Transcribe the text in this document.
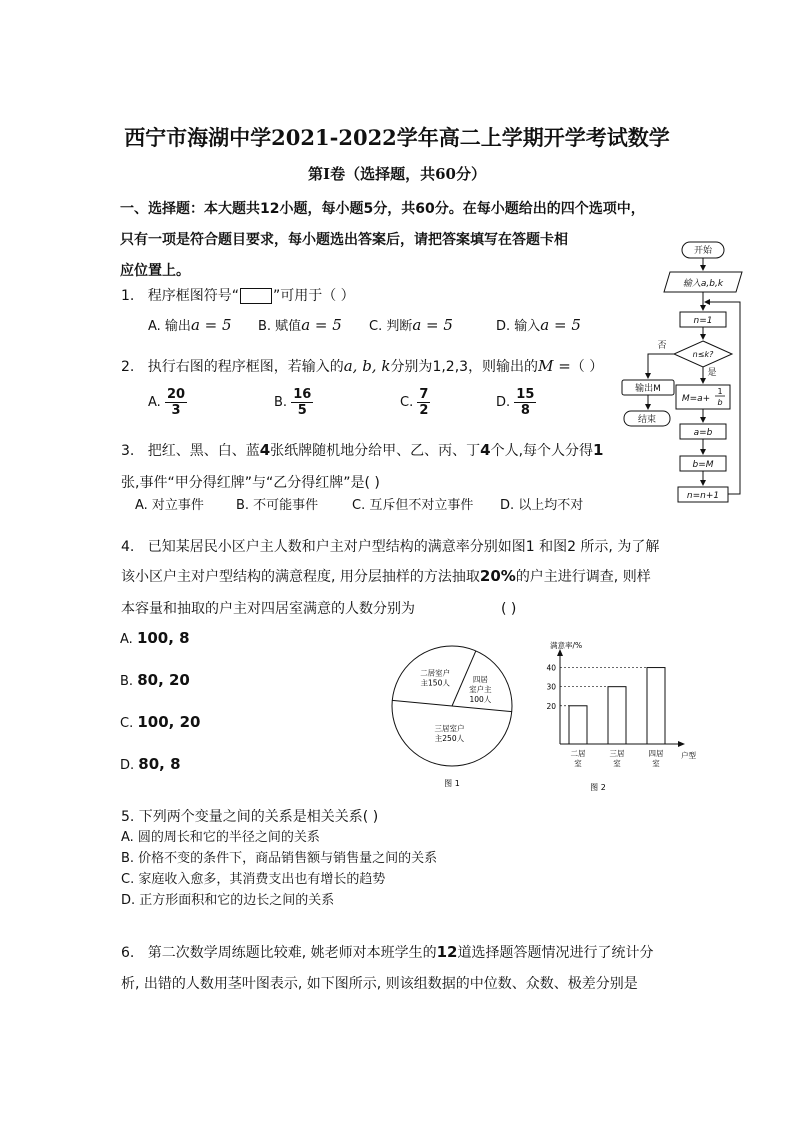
西宁市海湖中学2021-2022学年高二上学期开学考试数学
第Ⅰ卷（选择题，共60分）
一、选择题：本大题共12小题，每小题5分，共60分。在每小题给出的四个选项中，
只有一项是符合题目要求，每小题选出答案后，请把答案填写在答题卡相
应位置上。
1. 程序框图符号“ ”可用于（ ）
A. 输出a = 5 B. 赋值a = 5 C. 判断a = 5	D. 输入a = 5
2. 执行右图的程序框图，若输入的a, b, k分别为1,2,3，则输出的M =（ ）
A. $\frac{20}{3}$	B. $\frac{16}{5}$	C. $\frac{7}{2}$	D. $\frac{15}{8}$
3. 把红、黑、白、蓝4张纸牌随机地分给甲、乙、丙、丁4个人,每个人分得1
张,事件“甲分得红牌”与“乙分得红牌”是( )
A. 对立事件 B. 不可能事件	C. 互斥但不对立事件 D. 以上均不对
4. 已知某居民小区户主人数和户主对户型结构的满意率分别如图1 和图2 所示, 为了解
该小区户主对户型结构的满意程度, 用分层抽样的方法抽取20%的户主进行调查, 则样
本容量和抽取的户主对四居室满意的人数分别为	( )
A. 100, 8
B. 80, 20
C. 100, 20
D. 80, 8
二居室户主150人	四居室户主 100人
三居室户主250人
图 1
满意率/%
户型
20
二居
室
30
三居
室
40
四居
室
图 2
5. 下列两个变量之间的关系是相关关系( )
A. 圆的周长和它的半径之间的关系
B. 价格不变的条件下，商品销售额与销售量之间的关系
C. 家庭收入愈多，其消费支出也有增长的趋势
D. 正方形面积和它的边长之间的关系
6. 第二次数学周练题比较难, 姚老师对本班学生的12道选择题答题情况进行了统计分
析, 出错的人数用茎叶图表示, 如下图所示, 则该组数据的中位数、众数、极差分别是
开始
输入a,b,k
n=1
n≤k?
否
是
输出M
结束
M=a+
1
b
a=b
b=M
n=n+1
